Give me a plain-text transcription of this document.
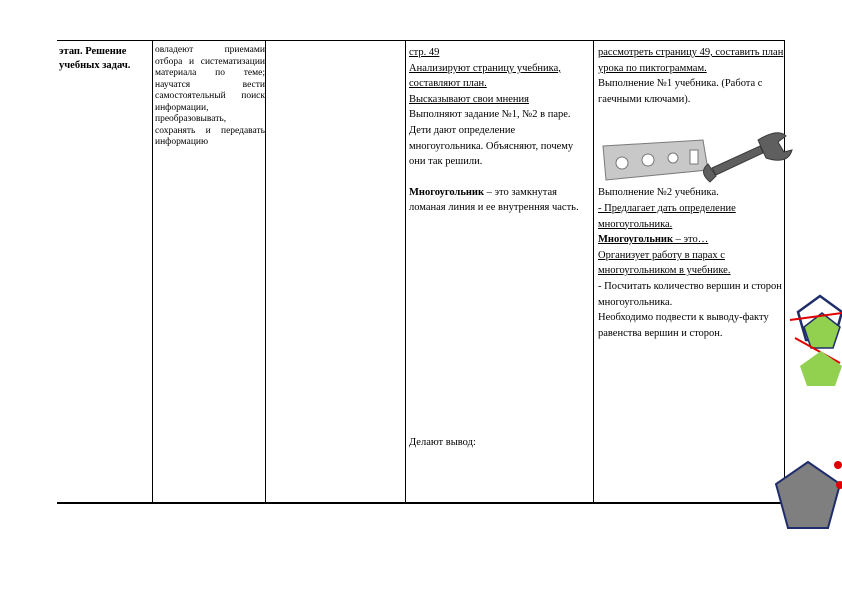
этап. Решение учебных задач.
овладеют приемами отбора и систематизации материала по теме; научатся вести самостоятельный поиск информации, преобразовывать, сохранять и передавать информацию

стр. 49

Анализируют страницу учебника, составляют план.

Высказывают свои мнения

Выполняют задание №1, №2 в паре.

Дети дают определение многоугольника. Объясняют, почему они так решили.

Многоугольник – это замкнутая ломаная линия и ее внутренняя часть.

Делают вывод:

рассмотреть страницу 49, составить план урока по пиктограммам.

Выполнение №1 учебника. (Работа с гаечными ключами).

Выполнение №2 учебника.

- Предлагает дать определение многоугольника.

Многоугольник – это…

Организует работу в парах с многоугольником в учебнике.

- Посчитать количество вершин и сторон многоугольника.

Необходимо подвести к выводу-факту равенства вершин и сторон.
